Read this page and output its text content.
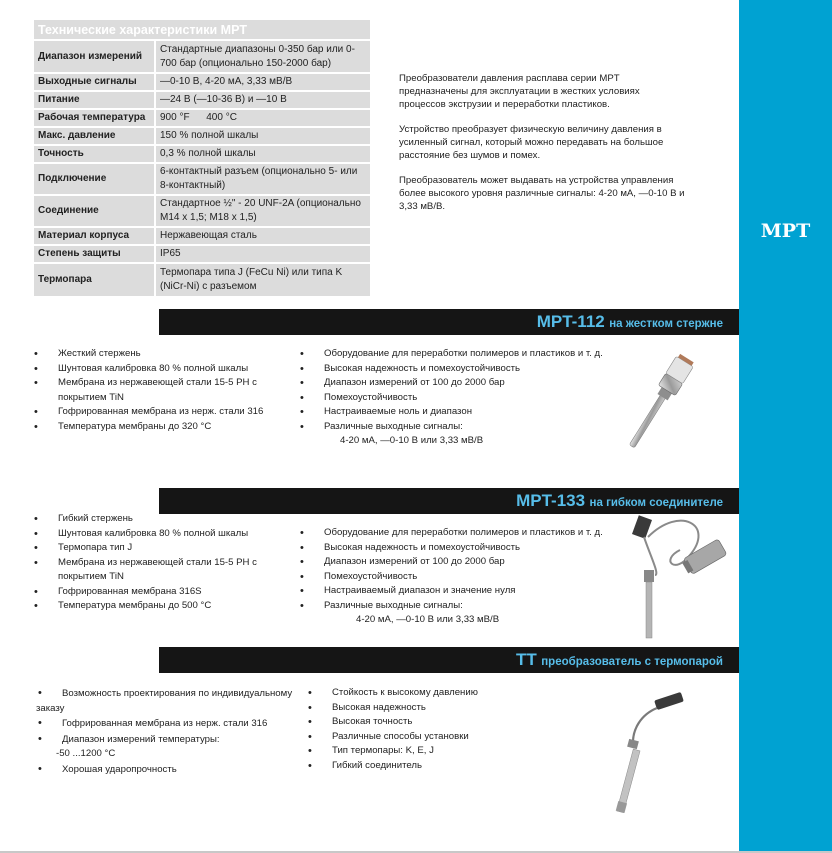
MPT
Технические характеристики MPT	
Диапазон измерений	Стандартные диапазоны 0-350 бар или 0-700 бар (опционально 150-2000 бар)
Выходные сигналы	—0-10 В, 4-20 мА, 3,33 мВ/В
Питание	—24 В (—10-36 В) и —10 В
Рабочая температура	900 °F      400 °C
Макс. давление	150 % полной шкалы
Точность	0,3 % полной шкалы
Подключение	6-контактный разъем (опционально 5- или 8-контактный)
Соединение	Стандартное ½" - 20 UNF-2A (опционально M14 x 1,5; M18 x 1,5)
Материал корпуса	Нержавеющая сталь
Степень защиты	IP65
Термопара	Термопара типа J (FeCu Ni) или типа K (NiCr-Ni) с разъемом

Преобразователи давления расплава серии MPT предназначены для эксплуатации в жестких условиях процессов экструзии и переработки пластиков.

Устройство преобразует физическую величину давления в усиленный сигнал, который можно передавать на большое расстояние без шумов и помех.

Преобразователь может выдавать на устройства управления более высокого уровня различные сигналы: 4-20 мА, —0-10 В и 3,33 мВ/В.

MPT-112 на жестком стержне
• Жесткий стержень
• Шунтовая калибровка 80 % полной шкалы
• Мембрана из нержавеющей стали 15-5 PH с покрытием TiN
• Гофрированная мембрана из нерж. стали 316
• Температура мембраны до 320 °C
• Оборудование для переработки полимеров и пластиков и т. д.
• Высокая надежность и помехоустойчивость
• Диапазон измерений от 100 до 2000 бар
• Помехоустойчивость
• Настраиваемые ноль и диапазон
• Различные выходные сигналы:
4-20 мА, —0-10 В или 3,33 мВ/В
MPT-133 на гибком соединителе
• Гибкий стержень
• Шунтовая калибровка 80 % полной шкалы
• Термопара тип J
• Мембрана из нержавеющей стали 15-5 PH с покрытием TiN
• Гофрированная мембрана 316S
• Температура мембраны до 500 °C
• Оборудование для переработки полимеров и пластиков и т. д.
• Высокая надежность и помехоустойчивость
• Диапазон измерений от 100 до 2000 бар
• Помехоустойчивость
• Настраиваемый диапазон и значение нуля
• Различные выходные сигналы:
4-20 мА, —0-10 В или 3,33 мВ/В
TT преобразователь с термопарой
• Возможность проектирования по индивидуальному заказу
• Гофрированная мембрана из нерж. стали 316
• Диапазон измерений температуры:
-50 ...1200 °C
• Хорошая ударопрочность
• Стойкость к высокому давлению
• Высокая надежность
• Высокая точность
• Различные способы установки
• Тип термопары: K, E, J
• Гибкий соединитель
